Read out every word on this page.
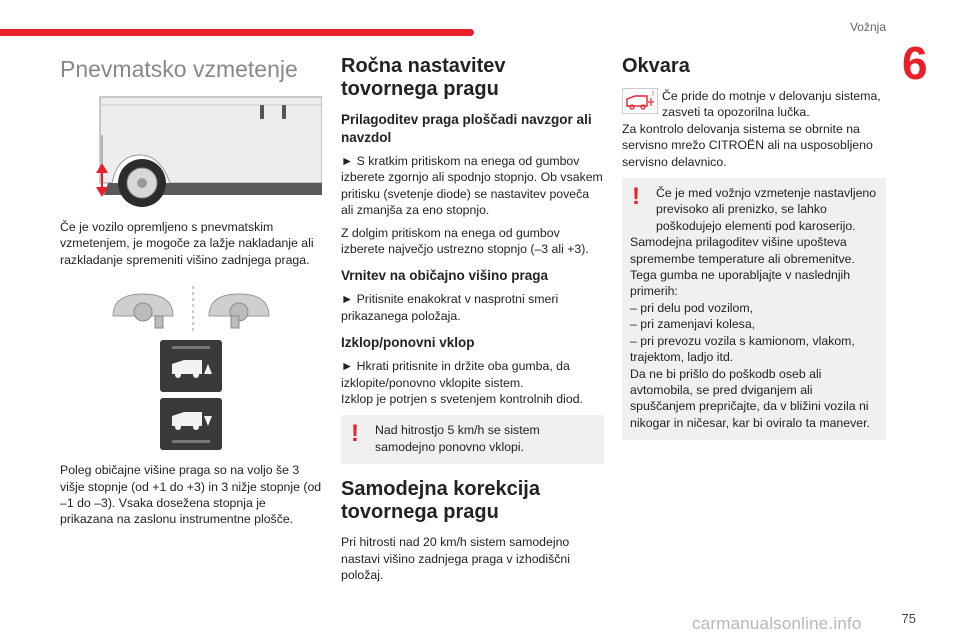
Vožnja
6
Pnevmatsko vzmetenje

Če je vozilo opremljeno s pnevmatskim vzmetenjem, je mogoče za lažje nakladanje ali razkladanje spremeniti višino zadnjega praga.

Poleg običajne višine praga so na voljo še 3 višje stopnje (od +1 do +3) in 3 nižje stopnje (od –1 do –3). Vsaka dosežena stopnja je prikazana na zaslonu instrumentne plošče.

Ročna nastavitev tovornega pragu
Prilagoditev praga ploščadi navzgor ali navzdol

► S kratkim pritiskom na enega od gumbov izberete zgornjo ali spodnjo stopnjo. Ob vsakem pritisku (svetenje diode) se nastavitev poveča ali zmanjša za eno stopnjo.

Z dolgim pritiskom na enega od gumbov izberete največjo ustrezno stopnjo (–3 ali +3).

Vrnitev na običajno višino praga

► Pritisnite enakokrat v nasprotni smeri prikazanega položaja.

Izklop/ponovni vklop

► Hkrati pritisnite in držite oba gumba, da izklopite/ponovno vklopite sistem.

Izklop je potrjen s svetenjem kontrolnih diod.

! Nad hitrostjo 5 km/h se sistem samodejno ponovno vklopi.
Samodejna korekcija tovornega pragu

Pri hitrosti nad 20 km/h sistem samodejno nastavi višino zadnjega praga v izhodiščni položaj.

Okvara
! Če pride do motnje v delovanju sistema, zasveti ta opozorilna lučka.

Za kontrolo delovanja sistema se obrnite na servisno mrežo CITROËN ali na usposobljeno servisno delavnico.

! Če je med vožnjo vzmetenje nastavljeno previsoko ali prenizko, se lahko poškodujejo elementi pod karoserijo.
Samodejna prilagoditev višine upošteva spremembe temperature ali obremenitve.
Tega gumba ne uporabljajte v naslednjih primerih:
– pri delu pod vozilom,
– pri zamenjavi kolesa,
– pri prevozu vozila s kamionom, vlakom, trajektom, ladjo itd.
Da ne bi prišlo do poškodb oseb ali avtomobila, se pred dviganjem ali spuščanjem prepričajte, da v bližini vozila ni nikogar in ničesar, kar bi oviralo ta manever.
75
carmanualsonline.info
